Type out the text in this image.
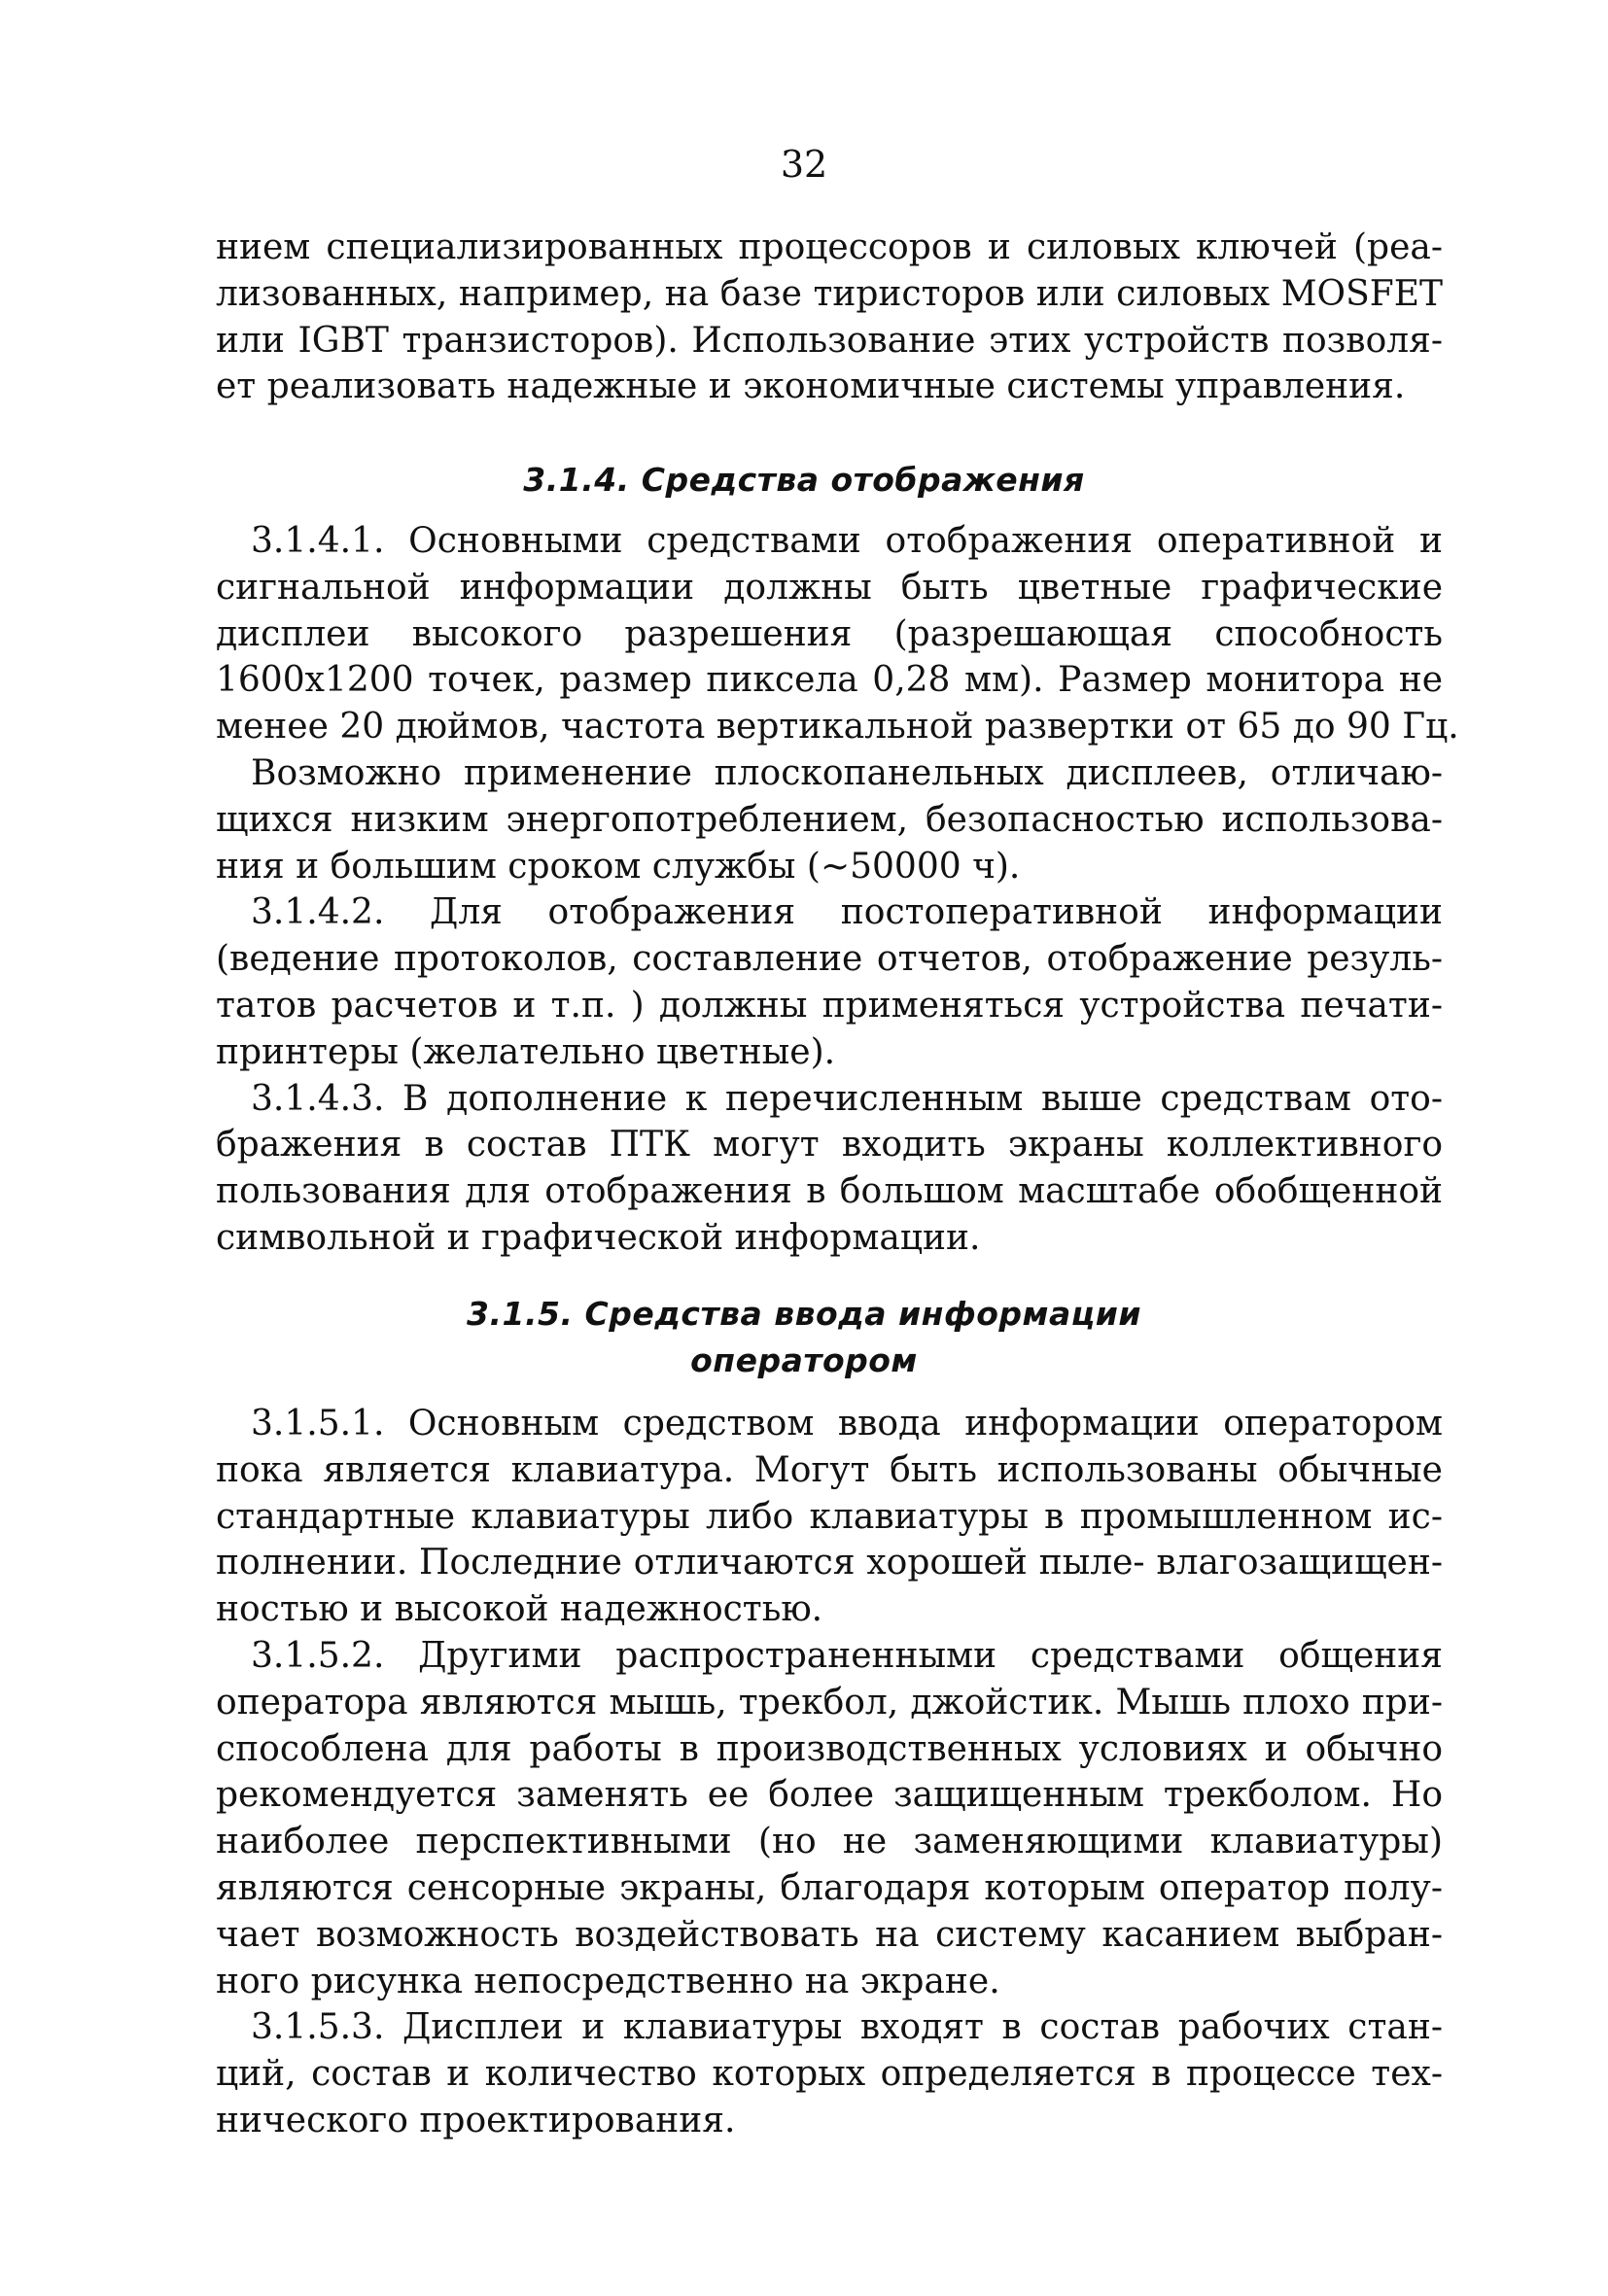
32

нием специализированных процессоров и силовых ключей (реа-
лизованных, например, на базе тиристоров или силовых MOSFET
или IGBT транзисторов). Использование этих устройств позволя-
ет реализовать надежные и экономичные системы управления.

3.1.4. Средства отображения

3.1.4.1. Основными средствами отображения оперативной и
сигнальной информации должны быть цветные графические
дисплеи высокого разрешения (разрешающая способность
1600x1200 точек, размер пиксела 0,28 мм). Размер монитора не
менее 20 дюймов, частота вертикальной развертки от 65 до 90 Гц.

Возможно применение плоскопанельных дисплеев, отличаю-
щихся низким энергопотреблением, безопасностью использова-
ния и большим сроком службы (~50000 ч).

3.1.4.2. Для отображения постоперативной информации
(ведение протоколов, составление отчетов, отображение резуль-
татов расчетов и т.п. ) должны применяться устройства печати-
принтеры (желательно цветные).

3.1.4.3. В дополнение к перечисленным выше средствам ото-
бражения в состав ПТК могут входить экраны коллективного
пользования для отображения в большом масштабе обобщенной
символьной и графической информации.

3.1.5. Средства ввода информации
оператором

3.1.5.1. Основным средством ввода информации оператором
пока является клавиатура. Могут быть использованы обычные
стандартные клавиатуры либо клавиатуры в промышленном ис-
полнении. Последние отличаются хорошей пыле- влагозащищен-
ностью и высокой надежностью.

3.1.5.2. Другими распространенными средствами общения
оператора являются мышь, трекбол, джойстик. Мышь плохо при-
способлена для работы в производственных условиях и обычно
рекомендуется заменять ее более защищенным трекболом. Но
наиболее перспективными (но не заменяющими клавиатуры)
являются сенсорные экраны, благодаря которым оператор полу-
чает возможность воздействовать на систему касанием выбран-
ного рисунка непосредственно на экране.

3.1.5.3. Дисплеи и клавиатуры входят в состав рабочих стан-
ций, состав и количество которых определяется в процессе тех-
нического проектирования.
